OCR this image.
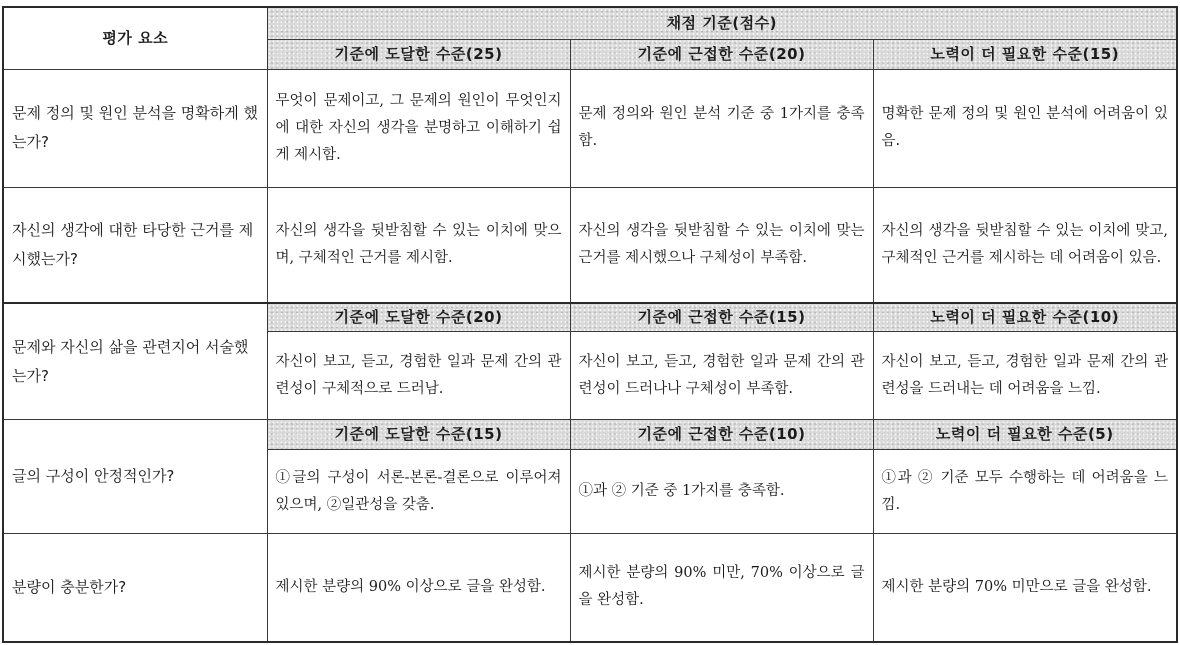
평가 요소	채점 기준(점수)		
	기준에 도달한 수준(25)	기준에 근접한 수준(20)	노력이 더 필요한 수준(15)
문제 정의 및 원인 분석을 명확하게 했는가?	무엇이 문제이고, 그 문제의 원인이 무엇인지에 대한 자신의 생각을 분명하고 이해하기 쉽게 제시함.	문제 정의와 원인 분석 기준 중 1가지를 충족함.	명확한 문제 정의 및 원인 분석에 어려움이 있음.
자신의 생각에 대한 타당한 근거를 제시했는가?	자신의 생각을 뒷받침할 수 있는 이치에 맞으며, 구체적인 근거를 제시함.	자신의 생각을 뒷받침할 수 있는 이치에 맞는 근거를 제시했으나 구체성이 부족함.	자신의 생각을 뒷받침할 수 있는 이치에 맞고, 구체적인 근거를 제시하는 데 어려움이 있음.
문제와 자신의 삶을 관련지어 서술했는가?	기준에 도달한 수준(20)	기준에 근접한 수준(15)	노력이 더 필요한 수준(10)
	자신이 보고, 듣고, 경험한 일과 문제 간의 관련성이 구체적으로 드러남.	자신이 보고, 듣고, 경험한 일과 문제 간의 관련성이 드러나나 구체성이 부족함.	자신이 보고, 듣고, 경험한 일과 문제 간의 관련성을 드러내는 데 어려움을 느낌.
글의 구성이 안정적인가?	기준에 도달한 수준(15)	기준에 근접한 수준(10)	노력이 더 필요한 수준(5)
	①글의 구성이 서론-본론-결론으로 이루어져 있으며, ②일관성을 갖춤.	①과 ② 기준 중 1가지를 충족함.	①과 ② 기준 모두 수행하는 데 어려움을 느낌.
분량이 충분한가?	제시한 분량의 90% 이상으로 글을 완성함.	제시한 분량의 90% 미만, 70% 이상으로 글을 완성함.	제시한 분량의 70% 미만으로 글을 완성함.
